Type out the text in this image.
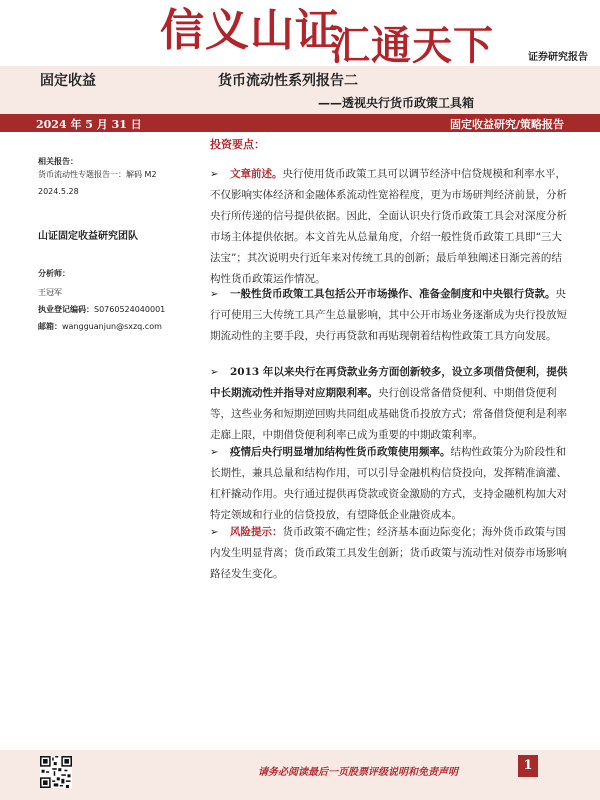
信义山证
汇通天下	证券研究报告
固定收益	货币流动性系列报告二
——透视央行货币政策工具箱
2024 年 5 月 31 日	固定收益研究/策略报告
相关报告：
货币流动性专题报告一：解码 M2
2024.5.28
山证固定收益研究团队
分析师：
王冠军
执业登记编码：S0760524040001
邮箱：wangguanjun@sxzq.com
投资要点：
➢ 文章前述。央行使用货币政策工具可以调节经济中信贷规模和利率水平，不仅影响实体经济和金融体系流动性宽裕程度，更为市场研判经济前景，分析央行所传递的信号提供依据。因此，全面认识央行货币政策工具会对深度分析市场主体提供依据。本文首先从总量角度，介绍一般性货币政策工具即“三大法宝”；其次说明央行近年来对传统工具的创新；最后单独阐述日渐完善的结构性货币政策运作情况。
➢ 一般性货币政策工具包括公开市场操作、准备金制度和中央银行贷款。央行可使用三大传统工具产生总量影响，其中公开市场业务逐渐成为央行投放短期流动性的主要手段，央行再贷款和再贴现朝着结构性政策工具方向发展。
➢ 2013 年以来央行在再贷款业务方面创新较多，设立多项借贷便利，提供中长期流动性并指导对应期限利率。央行创设常备借贷便利、中期借贷便利等，这些业务和短期逆回购共同组成基础货币投放方式；常备借贷便利是利率走廊上限，中期借贷便利利率已成为重要的中期政策利率。
➢ 疫情后央行明显增加结构性货币政策使用频率。结构性政策分为阶段性和长期性，兼具总量和结构作用，可以引导金融机构信贷投向，发挥精准滴灌、杠杆撬动作用。央行通过提供再贷款或资金激励的方式，支持金融机构加大对特定领域和行业的信贷投放，有望降低企业融资成本。
➢ 风险提示：货币政策不确定性；经济基本面边际变化；海外货币政策与国内发生明显背离；货币政策工具发生创新；货币政策与流动性对债券市场影响路径发生变化。
请务必阅读最后一页股票评级说明和免责声明	1
